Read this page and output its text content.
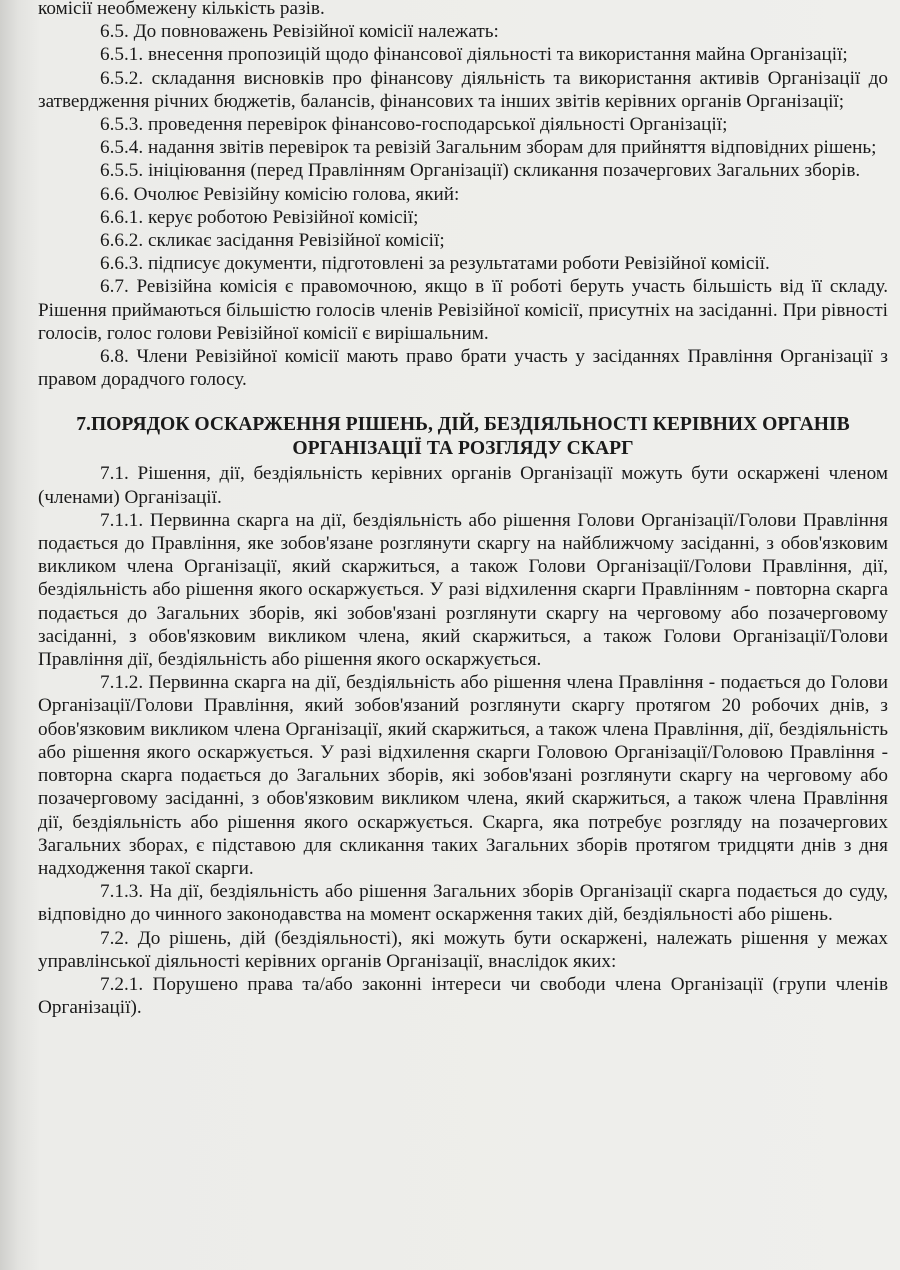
комісії необмежену кількість разів.

6.5. До повноважень Ревізійної комісії належать:

6.5.1. внесення пропозицій щодо фінансової діяльності та використання майна Організації;

6.5.2. складання висновків про фінансову діяльність та використання активів Організації до затвердження річних бюджетів, балансів, фінансових та інших звітів керівних органів Організації;

6.5.3. проведення перевірок фінансово-господарської діяльності Організації;

6.5.4. надання звітів перевірок та ревізій Загальним зборам для прийняття відповідних рішень;

6.5.5. ініціювання (перед Правлінням Організації) скликання позачергових Загальних зборів.

6.6. Очолює Ревізійну комісію голова, який:

6.6.1. керує роботою Ревізійної комісії;

6.6.2. скликає засідання Ревізійної комісії;

6.6.3. підписує документи, підготовлені за результатами роботи Ревізійної комісії.

6.7. Ревізійна комісія є правомочною, якщо в її роботі беруть участь більшість від її складу. Рішення приймаються більшістю голосів членів Ревізійної комісії, присутніх на засіданні. При рівності голосів, голос голови Ревізійної комісії є вирішальним.

6.8. Члени Ревізійної комісії мають право брати участь у засіданнях Правління Організації з правом дорадчого голосу.

7.ПОРЯДОК ОСКАРЖЕННЯ РІШЕНЬ, ДІЙ, БЕЗДІЯЛЬНОСТІ КЕРІВНИХ ОРГАНІВ
ОРГАНІЗАЦІЇ ТА РОЗГЛЯДУ СКАРГ

7.1. Рішення, дії, бездіяльність керівних органів Організації можуть бути оскаржені членом (членами) Організації.

7.1.1. Первинна скарга на дії, бездіяльність або рішення Голови Організації/Голови Правління подається до Правління, яке зобов'язане розглянути скаргу на найближчому засіданні, з обов'язковим викликом члена Організації, який скаржиться, а також Голови Організації/Голови Правління, дії, бездіяльність або рішення якого оскаржується. У разі відхилення скарги Правлінням - повторна скарга подається до Загальних зборів, які зобов'язані розглянути скаргу на черговому або позачерговому засіданні, з обов'язковим викликом члена, який скаржиться, а також Голови Організації/Голови Правління дії, бездіяльність або рішення якого оскаржується.

7.1.2. Первинна скарга на дії, бездіяльність або рішення члена Правління - подається до Голови Організації/Голови Правління, який зобов'язаний розглянути скаргу протягом 20 робочих днів, з обов'язковим викликом члена Організації, який скаржиться, а також члена Правління, дії, бездіяльність або рішення якого оскаржується. У разі відхилення скарги Головою Організації/Головою Правління - повторна скарга подається до Загальних зборів, які зобов'язані розглянути скаргу на черговому або позачерговому засіданні, з обов'язковим викликом члена, який скаржиться, а також члена Правління дії, бездіяльність або рішення якого оскаржується. Скарга, яка потребує розгляду на позачергових Загальних зборах, є підставою для скликання таких Загальних зборів протягом тридцяти днів з дня надходження такої скарги.

7.1.3. На дії, бездіяльність або рішення Загальних зборів Організації скарга подається до суду, відповідно до чинного законодавства на момент оскарження таких дій, бездіяльності або рішень.

7.2. До рішень, дій (бездіяльності), які можуть бути оскаржені, належать рішення у межах управлінської діяльності керівних органів Організації, внаслідок яких:

7.2.1. Порушено права та/або законні інтереси чи свободи члена Організації (групи членів Організації).
